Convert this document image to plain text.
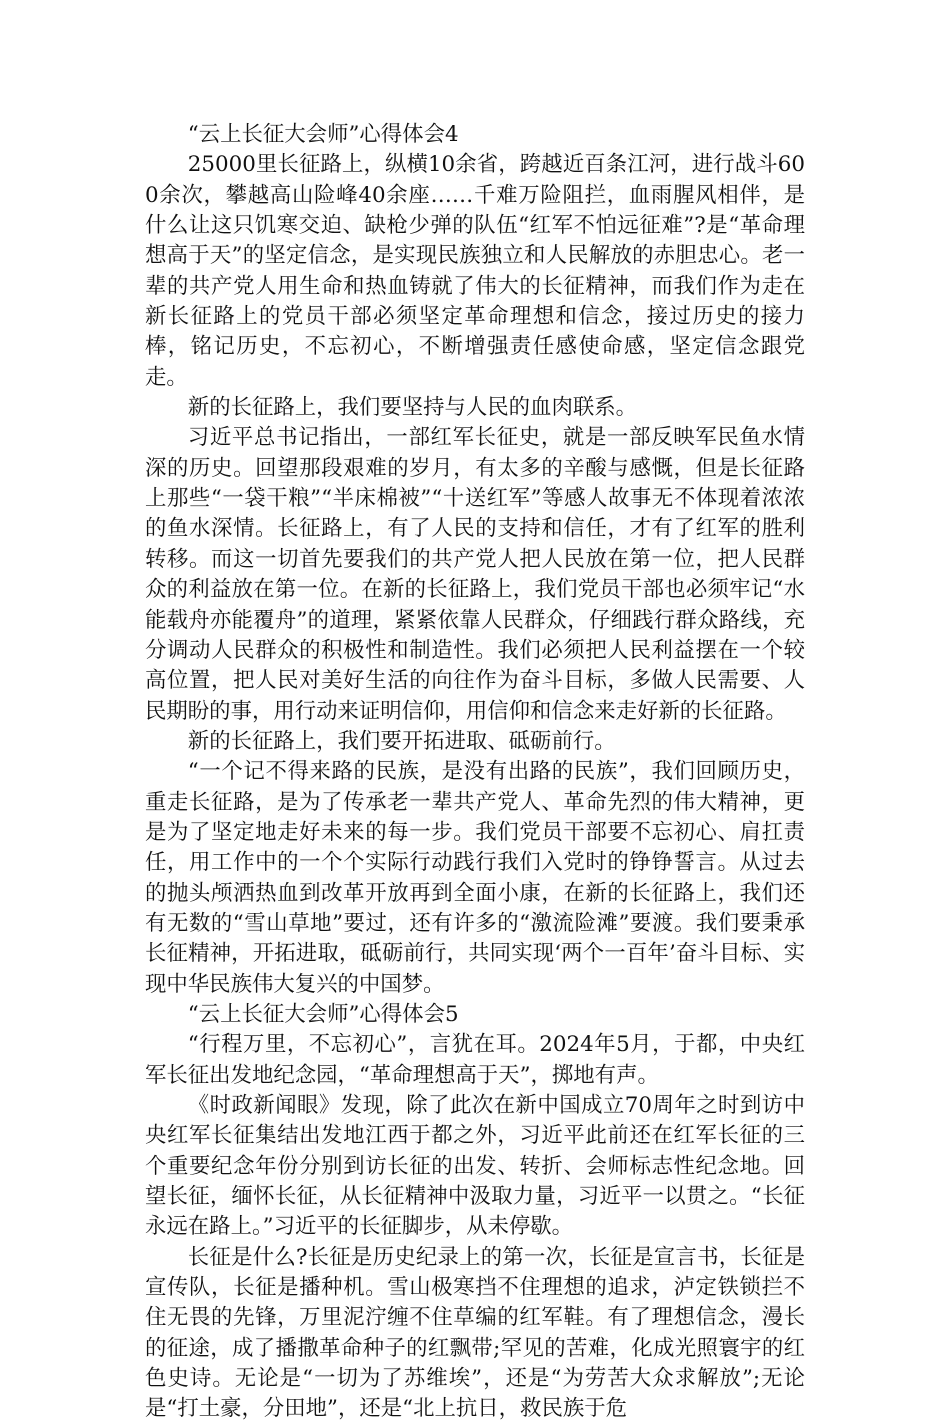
“云上长征大会师”心得体会4

25000里长征路上，纵横10余省，跨越近百条江河，进行战斗600余次，攀越高山险峰40余座……千难万险阻拦，血雨腥风相伴，是什么让这只饥寒交迫、缺枪少弹的队伍“红军不怕远征难”?是“革命理想高于天”的坚定信念，是实现民族独立和人民解放的赤胆忠心。老一辈的共产党人用生命和热血铸就了伟大的长征精神，而我们作为走在新长征路上的党员干部必须坚定革命理想和信念，接过历史的接力棒，铭记历史，不忘初心，不断增强责任感使命感，坚定信念跟党走。

新的长征路上，我们要坚持与人民的血肉联系。

习近平总书记指出，一部红军长征史，就是一部反映军民鱼水情深的历史。回望那段艰难的岁月，有太多的辛酸与感慨，但是长征路上那些“一袋干粮”“半床棉被”“十送红军”等感人故事无不体现着浓浓的鱼水深情。长征路上，有了人民的支持和信任，才有了红军的胜利转移。而这一切首先要我们的共产党人把人民放在第一位，把人民群众的利益放在第一位。在新的长征路上，我们党员干部也必须牢记“水能载舟亦能覆舟”的道理，紧紧依靠人民群众，仔细践行群众路线，充分调动人民群众的积极性和制造性。我们必须把人民利益摆在一个较高位置，把人民对美好生活的向往作为奋斗目标，多做人民需要、人民期盼的事，用行动来证明信仰，用信仰和信念来走好新的长征路。

新的长征路上，我们要开拓进取、砥砺前行。

“一个记不得来路的民族，是没有出路的民族”，我们回顾历史，重走长征路，是为了传承老一辈共产党人、革命先烈的伟大精神，更是为了坚定地走好未来的每一步。我们党员干部要不忘初心、肩扛责任，用工作中的一个个实际行动践行我们入党时的铮铮誓言。从过去的抛头颅洒热血到改革开放再到全面小康，在新的长征路上，我们还有无数的“雪山草地”要过，还有许多的“激流险滩”要渡。我们要秉承长征精神，开拓进取，砥砺前行，共同实现‘两个一百年’奋斗目标、实现中华民族伟大复兴的中国梦。

“云上长征大会师”心得体会5

“行程万里，不忘初心”，言犹在耳。2024年5月，于都，中央红军长征出发地纪念园，“革命理想高于天”，掷地有声。

《时政新闻眼》发现，除了此次在新中国成立70周年之时到访中央红军长征集结出发地江西于都之外，习近平此前还在红军长征的三个重要纪念年份分别到访长征的出发、转折、会师标志性纪念地。回望长征，缅怀长征，从长征精神中汲取力量，习近平一以贯之。“长征永远在路上。”习近平的长征脚步，从未停歇。

长征是什么?长征是历史纪录上的第一次，长征是宣言书，长征是宣传队，长征是播种机。雪山极寒挡不住理想的追求，泸定铁锁拦不住无畏的先锋，万里泥泞缠不住草编的红军鞋。有了理想信念，漫长的征途，成了播撒革命种子的红飘带;罕见的苦难，化成光照寰宇的红色史诗。无论是“一切为了苏维埃”，还是“为劳苦大众求解放”;无论是“打土豪，分田地”，还是“北上抗日，救民族于危
